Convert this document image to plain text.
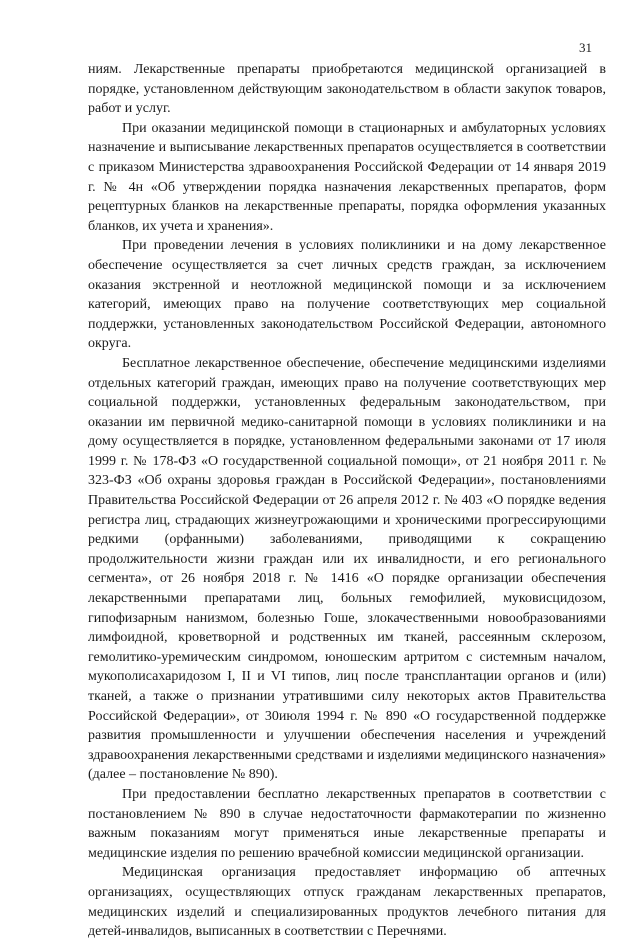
31

ниям. Лекарственные препараты приобретаются медицинской организацией в порядке, установленном действующим законодательством в области закупок товаров, работ и услуг.

При оказании медицинской помощи в стационарных и амбулаторных условиях назначение и выписывание лекарственных препаратов осуществляется в соответствии с приказом Министерства здравоохранения Российской Федерации от 14 января 2019 г. № 4н «Об утверждении порядка назначения лекарственных препаратов, форм рецептурных бланков на лекарственные препараты, порядка оформления указанных бланков, их учета и хранения».

При проведении лечения в условиях поликлиники и на дому лекарственное обеспечение осуществляется за счет личных средств граждан, за исключением оказания экстренной и неотложной медицинской помощи и за исключением категорий, имеющих право на получение соответствующих мер социальной поддержки, установленных законодательством Российской Федерации, автономного округа.

Бесплатное лекарственное обеспечение, обеспечение медицинскими изделиями отдельных категорий граждан, имеющих право на получение соответствующих мер социальной поддержки, установленных федеральным законодательством, при оказании им первичной медико-санитарной помощи в условиях поликлиники и на дому осуществляется в порядке, установленном федеральными законами от 17 июля 1999 г. № 178-ФЗ «О государственной социальной помощи», от 21 ноября 2011 г. № 323-ФЗ «Об охраны здоровья граждан в Российской Федерации», постановлениями Правительства Российской Федерации от 26 апреля 2012 г. № 403 «О порядке ведения регистра лиц, страдающих жизнеугрожающими и хроническими прогрессирующими редкими (орфанными) заболеваниями, приводящими к сокращению продолжительности жизни граждан или их инвалидности, и его регионального сегмента», от 26 ноября 2018 г. № 1416 «О порядке организации обеспечения лекарственными препаратами лиц, больных гемофилией, муковисцидозом, гипофизарным нанизмом, болезнью Гоше, злокачественными новообразованиями лимфоидной, кроветворной и родственных им тканей, рассеянным склерозом, гемолитико-уремическим синдромом, юношеским артритом с системным началом, мукополисахаридозом I, II и VI типов, лиц после трансплантации органов и (или) тканей, а также о признании утратившими силу некоторых актов Правительства Российской Федерации», от 30июля 1994 г. № 890 «О государственной поддержке развития промышленности и улучшении обеспечения населения и учреждений здравоохранения лекарственными средствами и изделиями медицинского назначения» (далее – постановление № 890).

При предоставлении бесплатно лекарственных препаратов в соответствии с постановлением № 890 в случае недостаточности фармакотерапии по жизненно важным показаниям могут применяться иные лекарственные препараты и медицинские изделия по решению врачебной комиссии медицинской организации.

Медицинская организация предоставляет информацию об аптечных организациях, осуществляющих отпуск гражданам лекарственных препаратов, медицинских изделий и специализированных продуктов лечебного питания для детей-инвалидов, выписанных в соответствии с Перечнями.
